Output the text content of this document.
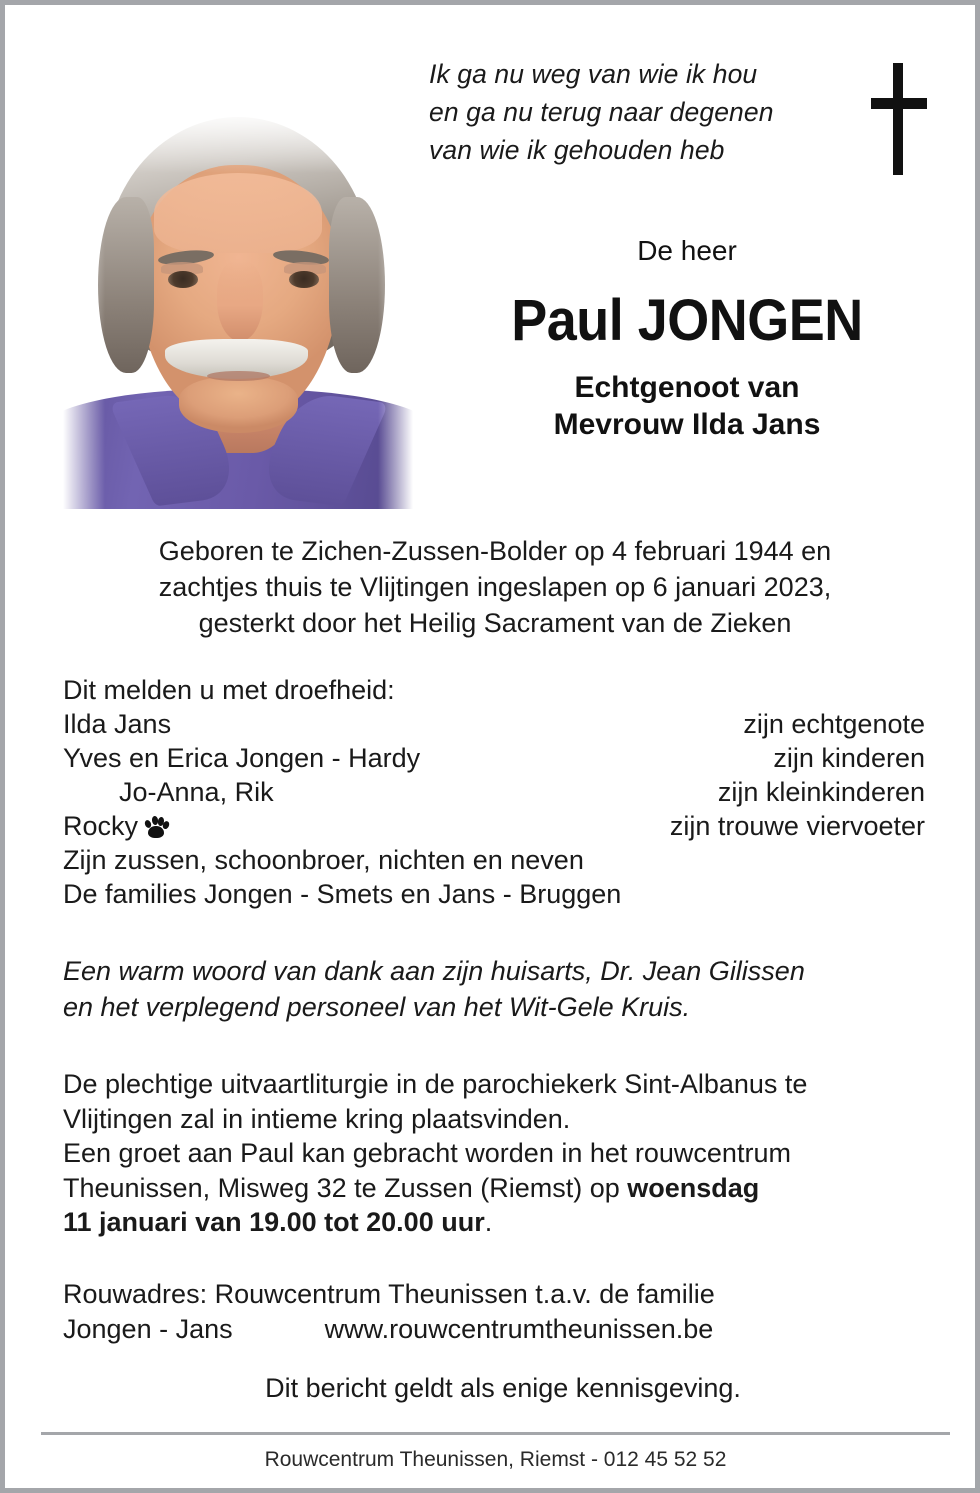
Ik ga nu weg van wie ik hou
en ga nu terug naar degenen
van wie ik gehouden heb
De heer
Paul JONGEN
Echtgenoot van
Mevrouw Ilda Jans
Geboren te Zichen-Zussen-Bolder op 4 februari 1944 en
zachtjes thuis te Vlijtingen ingeslapen op 6 januari 2023,
gesterkt door het Heilig Sacrament van de Zieken
Dit melden u met droefheid:
Ilda Jans	zijn echtgenote
Yves en Erica Jongen - Hardy	zijn kinderen
Jo-Anna, Rik	zijn kleinkinderen
Rocky	zijn trouwe viervoeter
Zijn zussen, schoonbroer, nichten en neven
De families Jongen - Smets en Jans - Bruggen
Een warm woord van dank aan zijn huisarts, Dr. Jean Gilissen
en het verplegend personeel van het Wit-Gele Kruis.
De plechtige uitvaartliturgie in de parochiekerk Sint-Albanus te
Vlijtingen zal in intieme kring plaatsvinden.
Een groet aan Paul kan gebracht worden in het rouwcentrum
Theunissen, Misweg 32 te Zussen (Riemst) op woensdag
11 januari van 19.00 tot 20.00 uur.
Rouwadres: Rouwcentrum Theunissen t.a.v. de familie
Jongen - Jans	www.rouwcentrumtheunissen.be
Dit bericht geldt als enige kennisgeving.
Rouwcentrum Theunissen, Riemst - 012 45 52 52
